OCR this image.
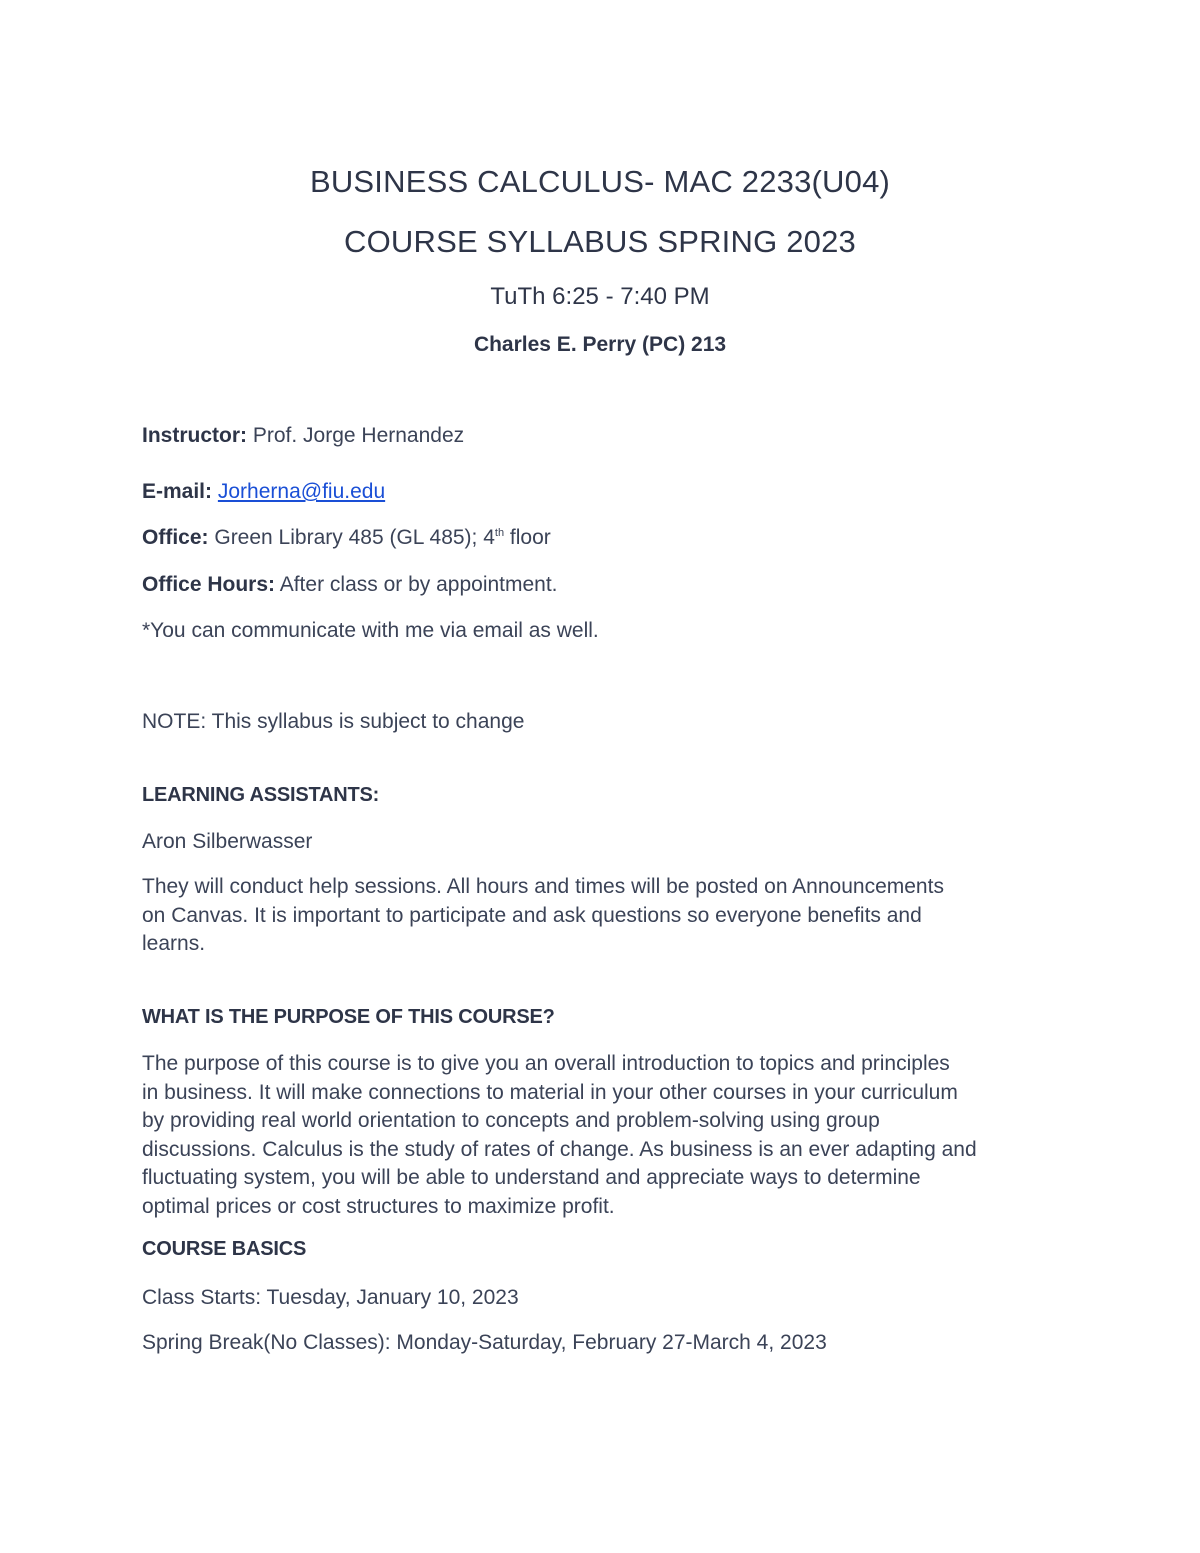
BUSINESS CALCULUS- MAC 2233(U04)
COURSE SYLLABUS SPRING 2023
TuTh 6:25 - 7:40 PM
Charles E. Perry (PC) 213
Instructor: Prof. Jorge Hernandez
E-mail: Jorherna@fiu.edu
Office: Green Library 485 (GL 485); 4th floor
Office Hours: After class or by appointment.
*You can communicate with me via email as well.
NOTE: This syllabus is subject to change
LEARNING ASSISTANTS:
Aron Silberwasser
They will conduct help sessions. All hours and times will be posted on Announcements
on Canvas. It is important to participate and ask questions so everyone benefits and
learns.
WHAT IS THE PURPOSE OF THIS COURSE?
The purpose of this course is to give you an overall introduction to topics and principles
in business. It will make connections to material in your other courses in your curriculum
by providing real world orientation to concepts and problem-solving using group
discussions. Calculus is the study of rates of change. As business is an ever adapting and
fluctuating system, you will be able to understand and appreciate ways to determine
optimal prices or cost structures to maximize profit.
COURSE BASICS
Class Starts: Tuesday, January 10, 2023
Spring Break(No Classes): Monday-Saturday, February 27-March 4, 2023
